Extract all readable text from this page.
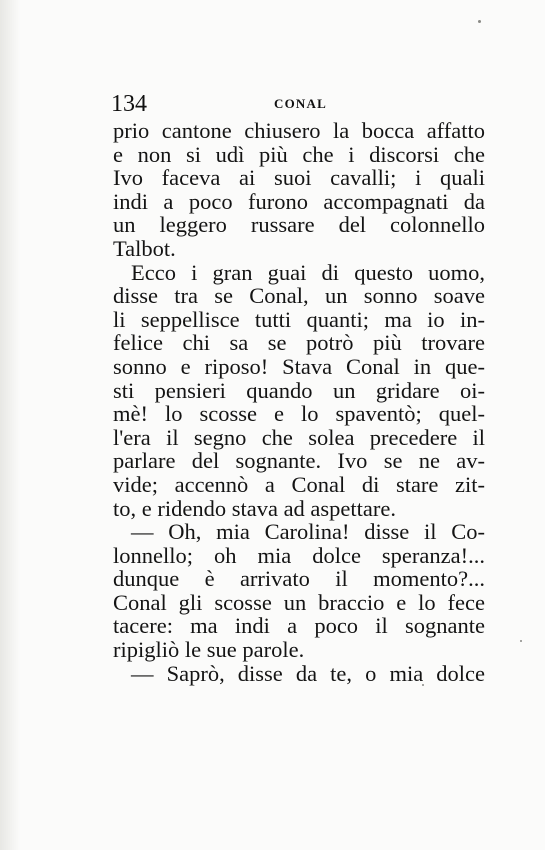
134	CONAL
prio cantone chiusero la bocca affatto
e non si udì più che i discorsi che
Ivo faceva ai suoi cavalli; i quali
indi a poco furono accompagnati da
un leggero russare del colonnello
Talbot.
Ecco i gran guai di questo uomo,
disse tra se Conal, un sonno soave
li seppellisce tutti quanti; ma io in-
felice chi sa se potrò più trovare
sonno e riposo! Stava Conal in que-
sti pensieri quando un gridare oi-
mè! lo scosse e lo spaventò; quel-
l'era il segno che solea precedere il
parlare del sognante. Ivo se ne av-
vide; accennò a Conal di stare zit-
to, e ridendo stava ad aspettare.
— Oh, mia Carolina! disse il Co-
lonnello; oh mia dolce speranza!...
dunque è arrivato il momento?...
Conal gli scosse un braccio e lo fece
tacere: ma indi a poco il sognante
ripigliò le sue parole.
— Saprò, disse da te, o mia dolce
